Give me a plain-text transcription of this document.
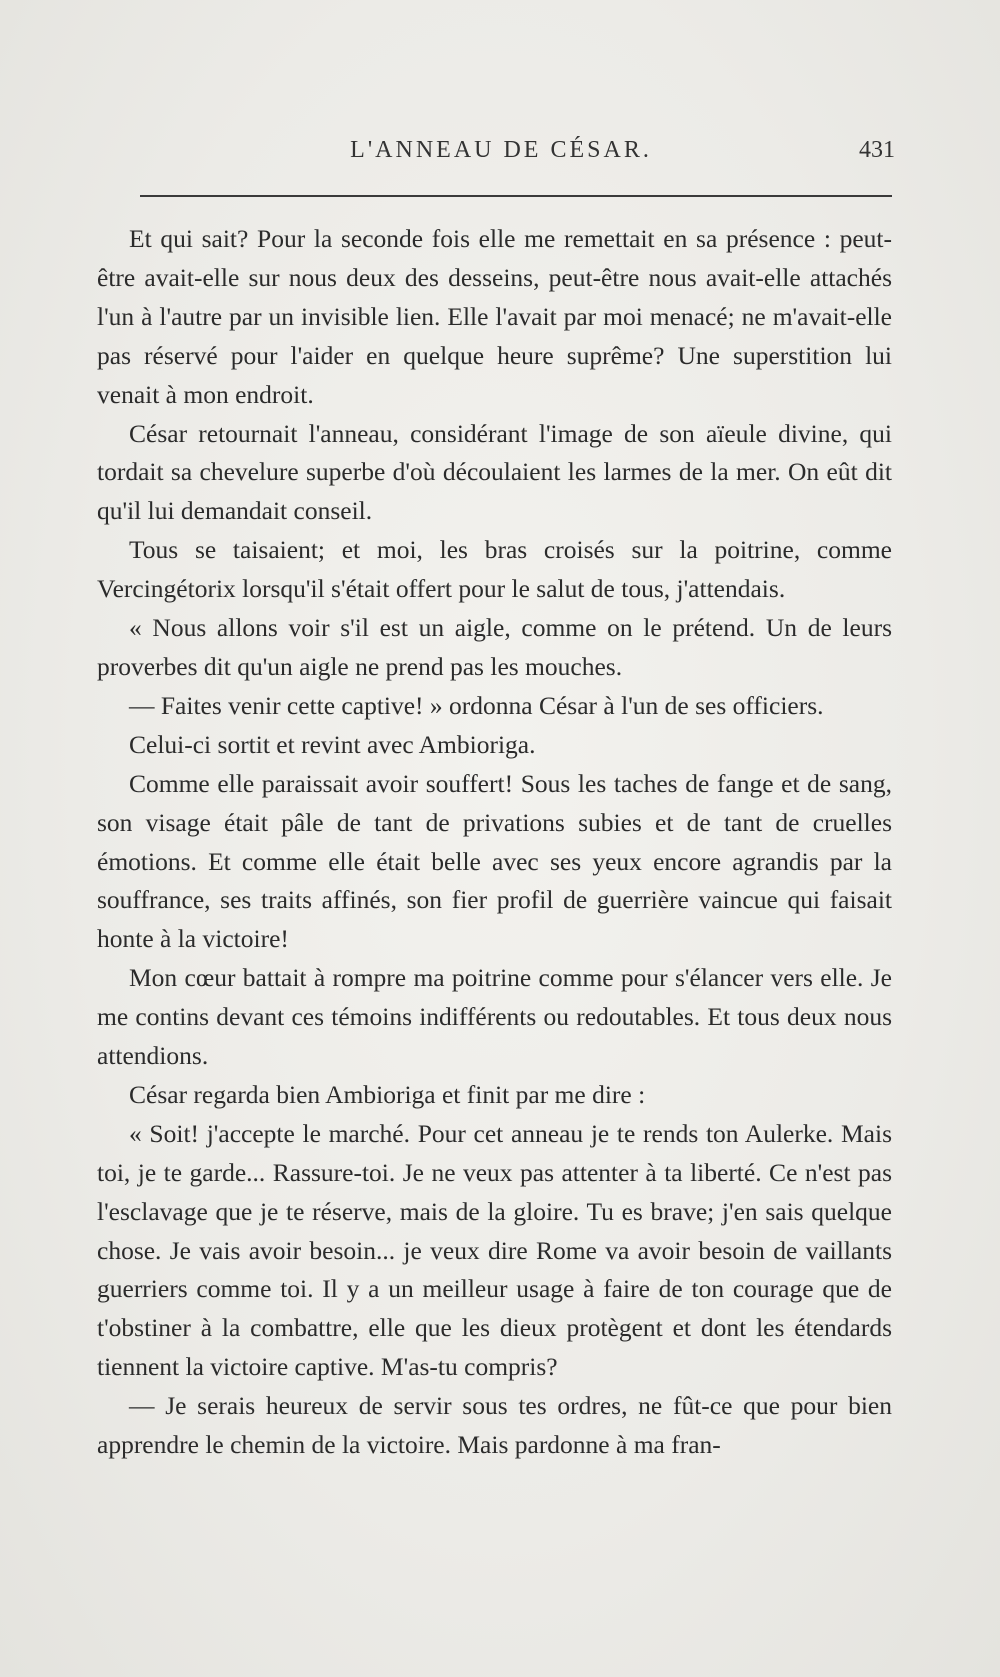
L'ANNEAU DE CÉSAR.	431

Et qui sait? Pour la seconde fois elle me remettait en sa présence : peut-être avait-elle sur nous deux des desseins, peut-être nous avait-elle attachés l'un à l'autre par un invisible lien. Elle l'avait par moi menacé; ne m'avait-elle pas réservé pour l'aider en quelque heure suprême? Une superstition lui venait à mon endroit.

César retournait l'anneau, considérant l'image de son aïeule divine, qui tordait sa chevelure superbe d'où découlaient les larmes de la mer. On eût dit qu'il lui demandait conseil.

Tous se taisaient; et moi, les bras croisés sur la poitrine, comme Vercingétorix lorsqu'il s'était offert pour le salut de tous, j'attendais.

« Nous allons voir s'il est un aigle, comme on le prétend. Un de leurs proverbes dit qu'un aigle ne prend pas les mouches.

— Faites venir cette captive! » ordonna César à l'un de ses officiers.

Celui-ci sortit et revint avec Ambioriga.

Comme elle paraissait avoir souffert! Sous les taches de fange et de sang, son visage était pâle de tant de privations subies et de tant de cruelles émotions. Et comme elle était belle avec ses yeux encore agrandis par la souffrance, ses traits affinés, son fier profil de guerrière vaincue qui faisait honte à la victoire!

Mon cœur battait à rompre ma poitrine comme pour s'élancer vers elle. Je me contins devant ces témoins indifférents ou redoutables. Et tous deux nous attendions.

César regarda bien Ambioriga et finit par me dire :

« Soit! j'accepte le marché. Pour cet anneau je te rends ton Aulerke. Mais toi, je te garde... Rassure-toi. Je ne veux pas attenter à ta liberté. Ce n'est pas l'esclavage que je te réserve, mais de la gloire. Tu es brave; j'en sais quelque chose. Je vais avoir besoin... je veux dire Rome va avoir besoin de vaillants guerriers comme toi. Il y a un meilleur usage à faire de ton courage que de t'obstiner à la combattre, elle que les dieux protègent et dont les étendards tiennent la victoire captive. M'as-tu compris?

— Je serais heureux de servir sous tes ordres, ne fût-ce que pour bien apprendre le chemin de la victoire. Mais pardonne à ma fran-
